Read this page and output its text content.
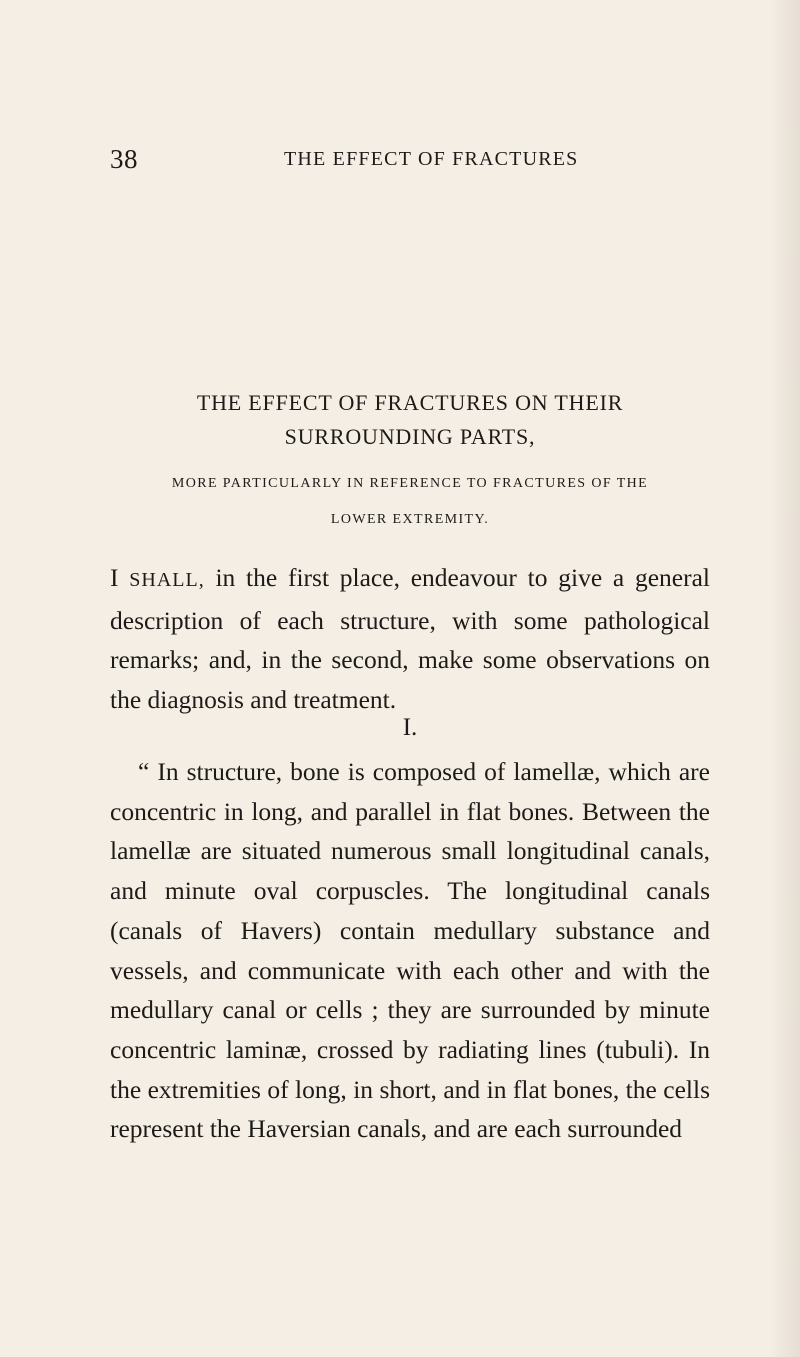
38	THE EFFECT OF FRACTURES
THE EFFECT OF FRACTURES ON THEIR
SURROUNDING PARTS,
MORE PARTICULARLY IN REFERENCE TO FRACTURES OF THE
LOWER EXTREMITY.

I SHALL, in the first place, endeavour to give a general description of each structure, with some pathological remarks; and, in the second, make some observations on the diagnosis and treatment.

I.

“ In structure, bone is composed of lamellæ, which are concentric in long, and parallel in flat bones. Between the lamellæ are situated numerous small longitudinal canals, and minute oval corpuscles. The longitudinal canals (canals of Havers) contain medullary substance and vessels, and communicate with each other and with the medullary canal or cells ; they are surrounded by minute concentric laminæ, crossed by radiating lines (tubuli). In the extremities of long, in short, and in flat bones, the cells represent the Haversian canals, and are each surrounded
